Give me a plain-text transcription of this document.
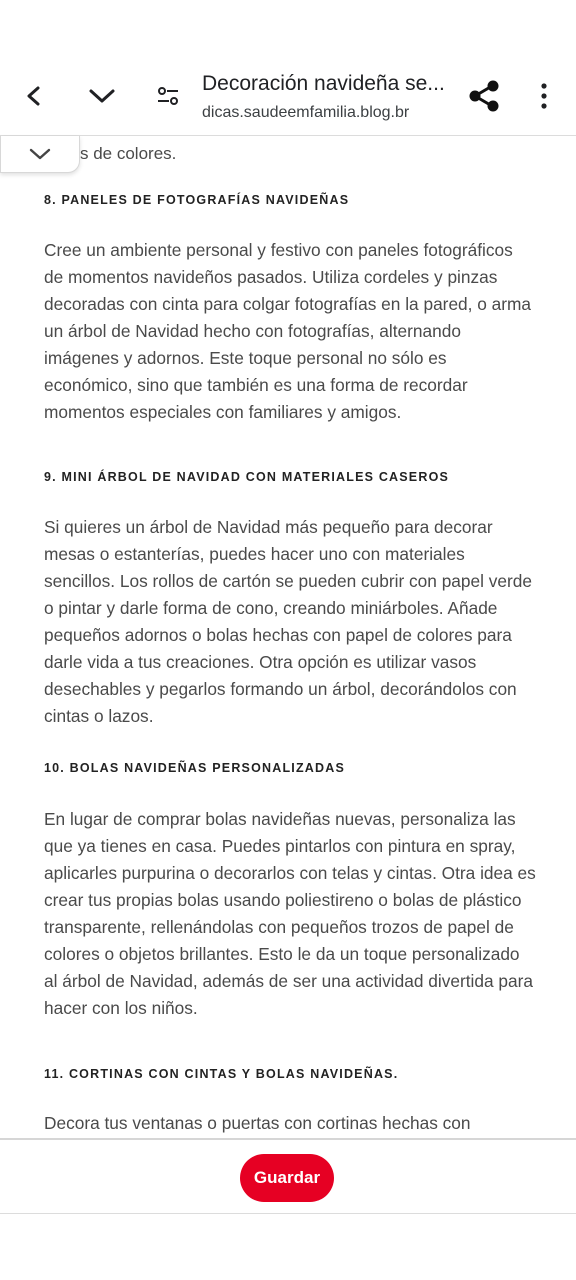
Decoración navideña se...
dicas.saudeemfamilia.blog.br
s de colores.
8. PANELES DE FOTOGRAFÍAS NAVIDEÑAS
Cree un ambiente personal y festivo con paneles fotográficos de momentos navideños pasados. Utiliza cordeles y pinzas decoradas con cinta para colgar fotografías en la pared, o arma un árbol de Navidad hecho con fotografías, alternando imágenes y adornos. Este toque personal no sólo es económico, sino que también es una forma de recordar momentos especiales con familiares y amigos.
9. MINI ÁRBOL DE NAVIDAD CON MATERIALES CASEROS
Si quieres un árbol de Navidad más pequeño para decorar mesas o estanterías, puedes hacer uno con materiales sencillos. Los rollos de cartón se pueden cubrir con papel verde o pintar y darle forma de cono, creando miniárboles. Añade pequeños adornos o bolas hechas con papel de colores para darle vida a tus creaciones. Otra opción es utilizar vasos desechables y pegarlos formando un árbol, decorándolos con cintas o lazos.
10. BOLAS NAVIDEÑAS PERSONALIZADAS
En lugar de comprar bolas navideñas nuevas, personaliza las que ya tienes en casa. Puedes pintarlos con pintura en spray, aplicarles purpurina o decorarlos con telas y cintas. Otra idea es crear tus propias bolas usando poliestireno o bolas de plástico transparente, rellenándolas con pequeños trozos de papel de colores o objetos brillantes. Esto le da un toque personalizado al árbol de Navidad, además de ser una actividad divertida para hacer con los niños.
11. CORTINAS CON CINTAS Y BOLAS NAVIDEÑAS.
Decora tus ventanas o puertas con cortinas hechas con
Guardar
